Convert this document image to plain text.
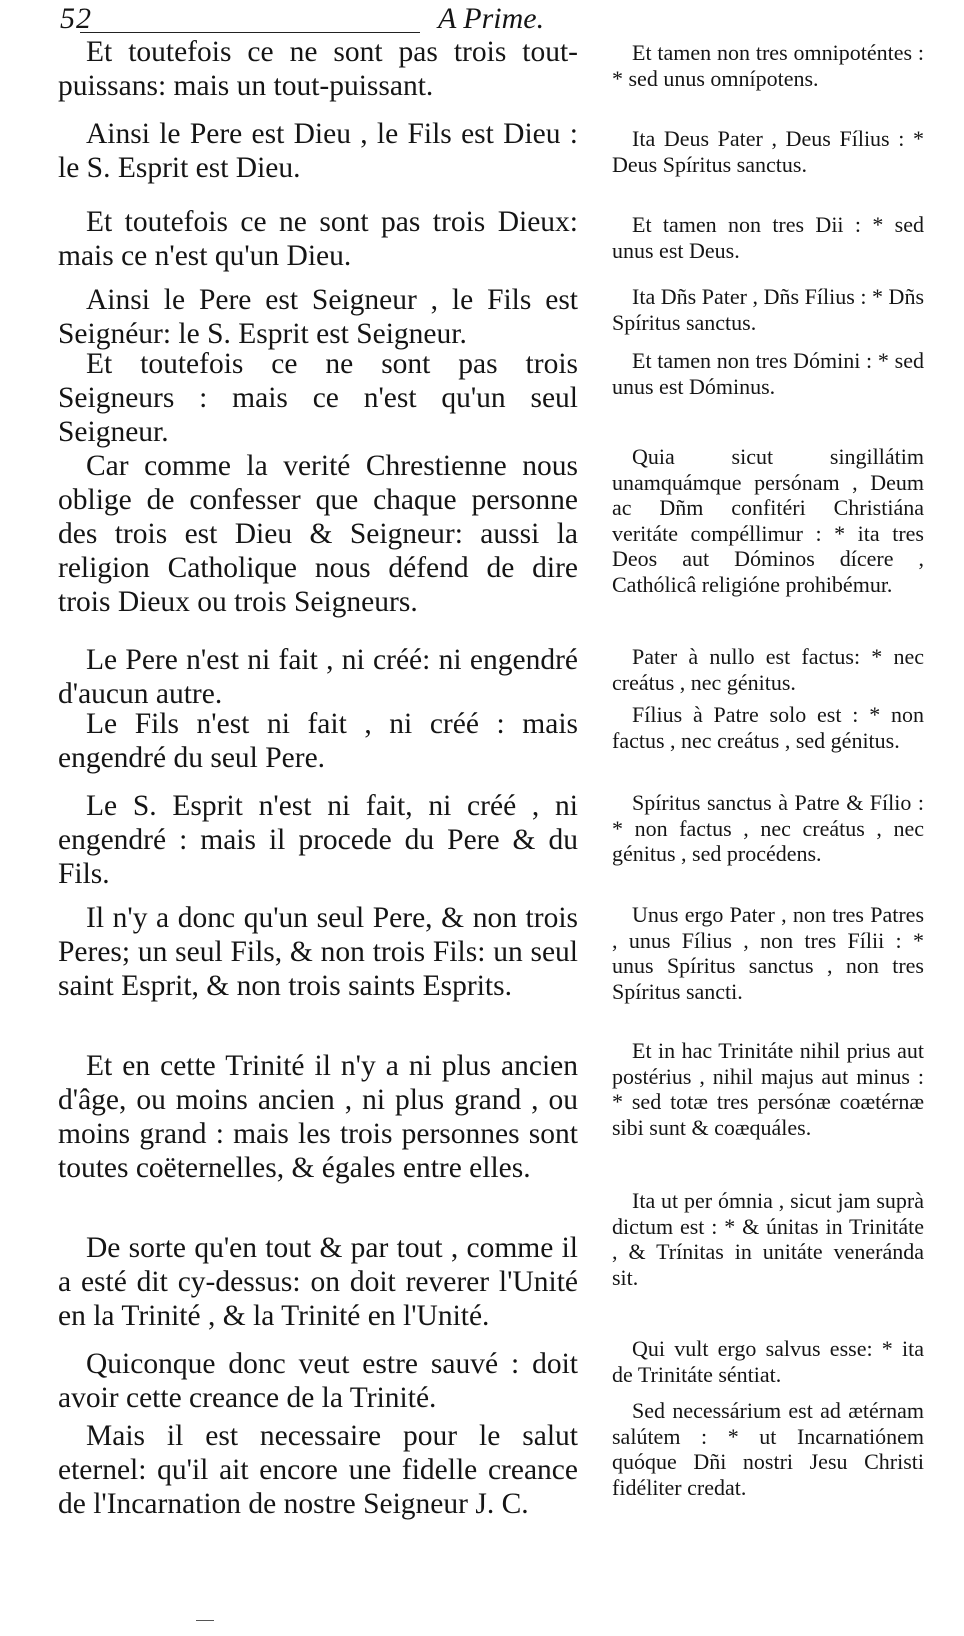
52	A Prime.

Et toutefois ce ne sont pas trois tout-puissans: mais un tout-puissant.

Ainsi le Pere est Dieu , le Fils est Dieu : le S. Esprit est Dieu.

Et toutefois ce ne sont pas trois Dieux: mais ce n'est qu'un Dieu.

Ainsi le Pere est Seigneur , le Fils est Seignéur: le S. Esprit est Seigneur.

Et toutefois ce ne sont pas trois Seigneurs : mais ce n'est qu'un seul Seigneur.

Car comme la verité Chrestienne nous oblige de confesser que chaque personne des trois est Dieu & Seigneur: aussi la religion Catholique nous défend de dire trois Dieux ou trois Seigneurs.

Le Pere n'est ni fait , ni créé: ni engendré d'aucun autre.

Le Fils n'est ni fait , ni créé : mais engendré du seul Pere.

Le S. Esprit n'est ni fait, ni créé , ni engendré : mais il procede du Pere & du Fils.

Il n'y a donc qu'un seul Pere, & non trois Peres; un seul Fils, & non trois Fils: un seul saint Esprit, & non trois saints Esprits.

Et en cette Trinité il n'y a ni plus ancien d'âge, ou moins ancien , ni plus grand , ou moins grand : mais les trois personnes sont toutes coëternelles, & égales entre elles.

De sorte qu'en tout & par tout , comme il a esté dit cy-dessus: on doit reverer l'Unité en la Trinité , & la Trinité en l'Unité.

Quiconque donc veut estre sauvé : doit avoir cette creance de la Trinité.

Mais il est necessaire pour le salut eternel: qu'il ait encore une fidelle creance de l'Incarnation de nostre Seigneur J. C.

Et tamen non tres omnipoténtes : * sed unus omnípotens.

Ita Deus Pater , Deus Fílius : * Deus Spíritus sanctus.

Et tamen non tres Dii : * sed unus est Deus.

Ita Dñs Pater , Dñs Fílius : * Dñs Spíritus sanctus.

Et tamen non tres Dómini : * sed unus est Dóminus.

Quia sicut singillátim unamquámque persónam , Deum ac Dñm confitéri Christiána veritáte compéllimur : * ita tres Deos aut Dóminos dícere , Cathólicâ religióne prohibémur.

Pater à nullo est factus: * nec creátus , nec génitus.

Fílius à Patre solo est : * non factus , nec creátus , sed génitus.

Spíritus sanctus à Patre & Fílio : * non factus , nec creátus , nec génitus , sed procédens.

Unus ergo Pater , non tres Patres , unus Fílius , non tres Fílii : * unus Spíritus sanctus , non tres Spíritus sancti.

Et in hac Trinitáte nihil prius aut postérius , nihil majus aut minus : * sed totæ tres persónæ coætérnæ sibi sunt & coæquáles.

Ita ut per ómnia , sicut jam suprà dictum est : * & únitas in Trinitáte , & Trínitas in unitáte veneránda sit.

Qui vult ergo salvus esse: * ita de Trinitáte séntiat.

Sed necessárium est ad ætérnam salútem : * ut Incarnatiónem quóque Dñi nostri Jesu Christi fidéliter credat.
